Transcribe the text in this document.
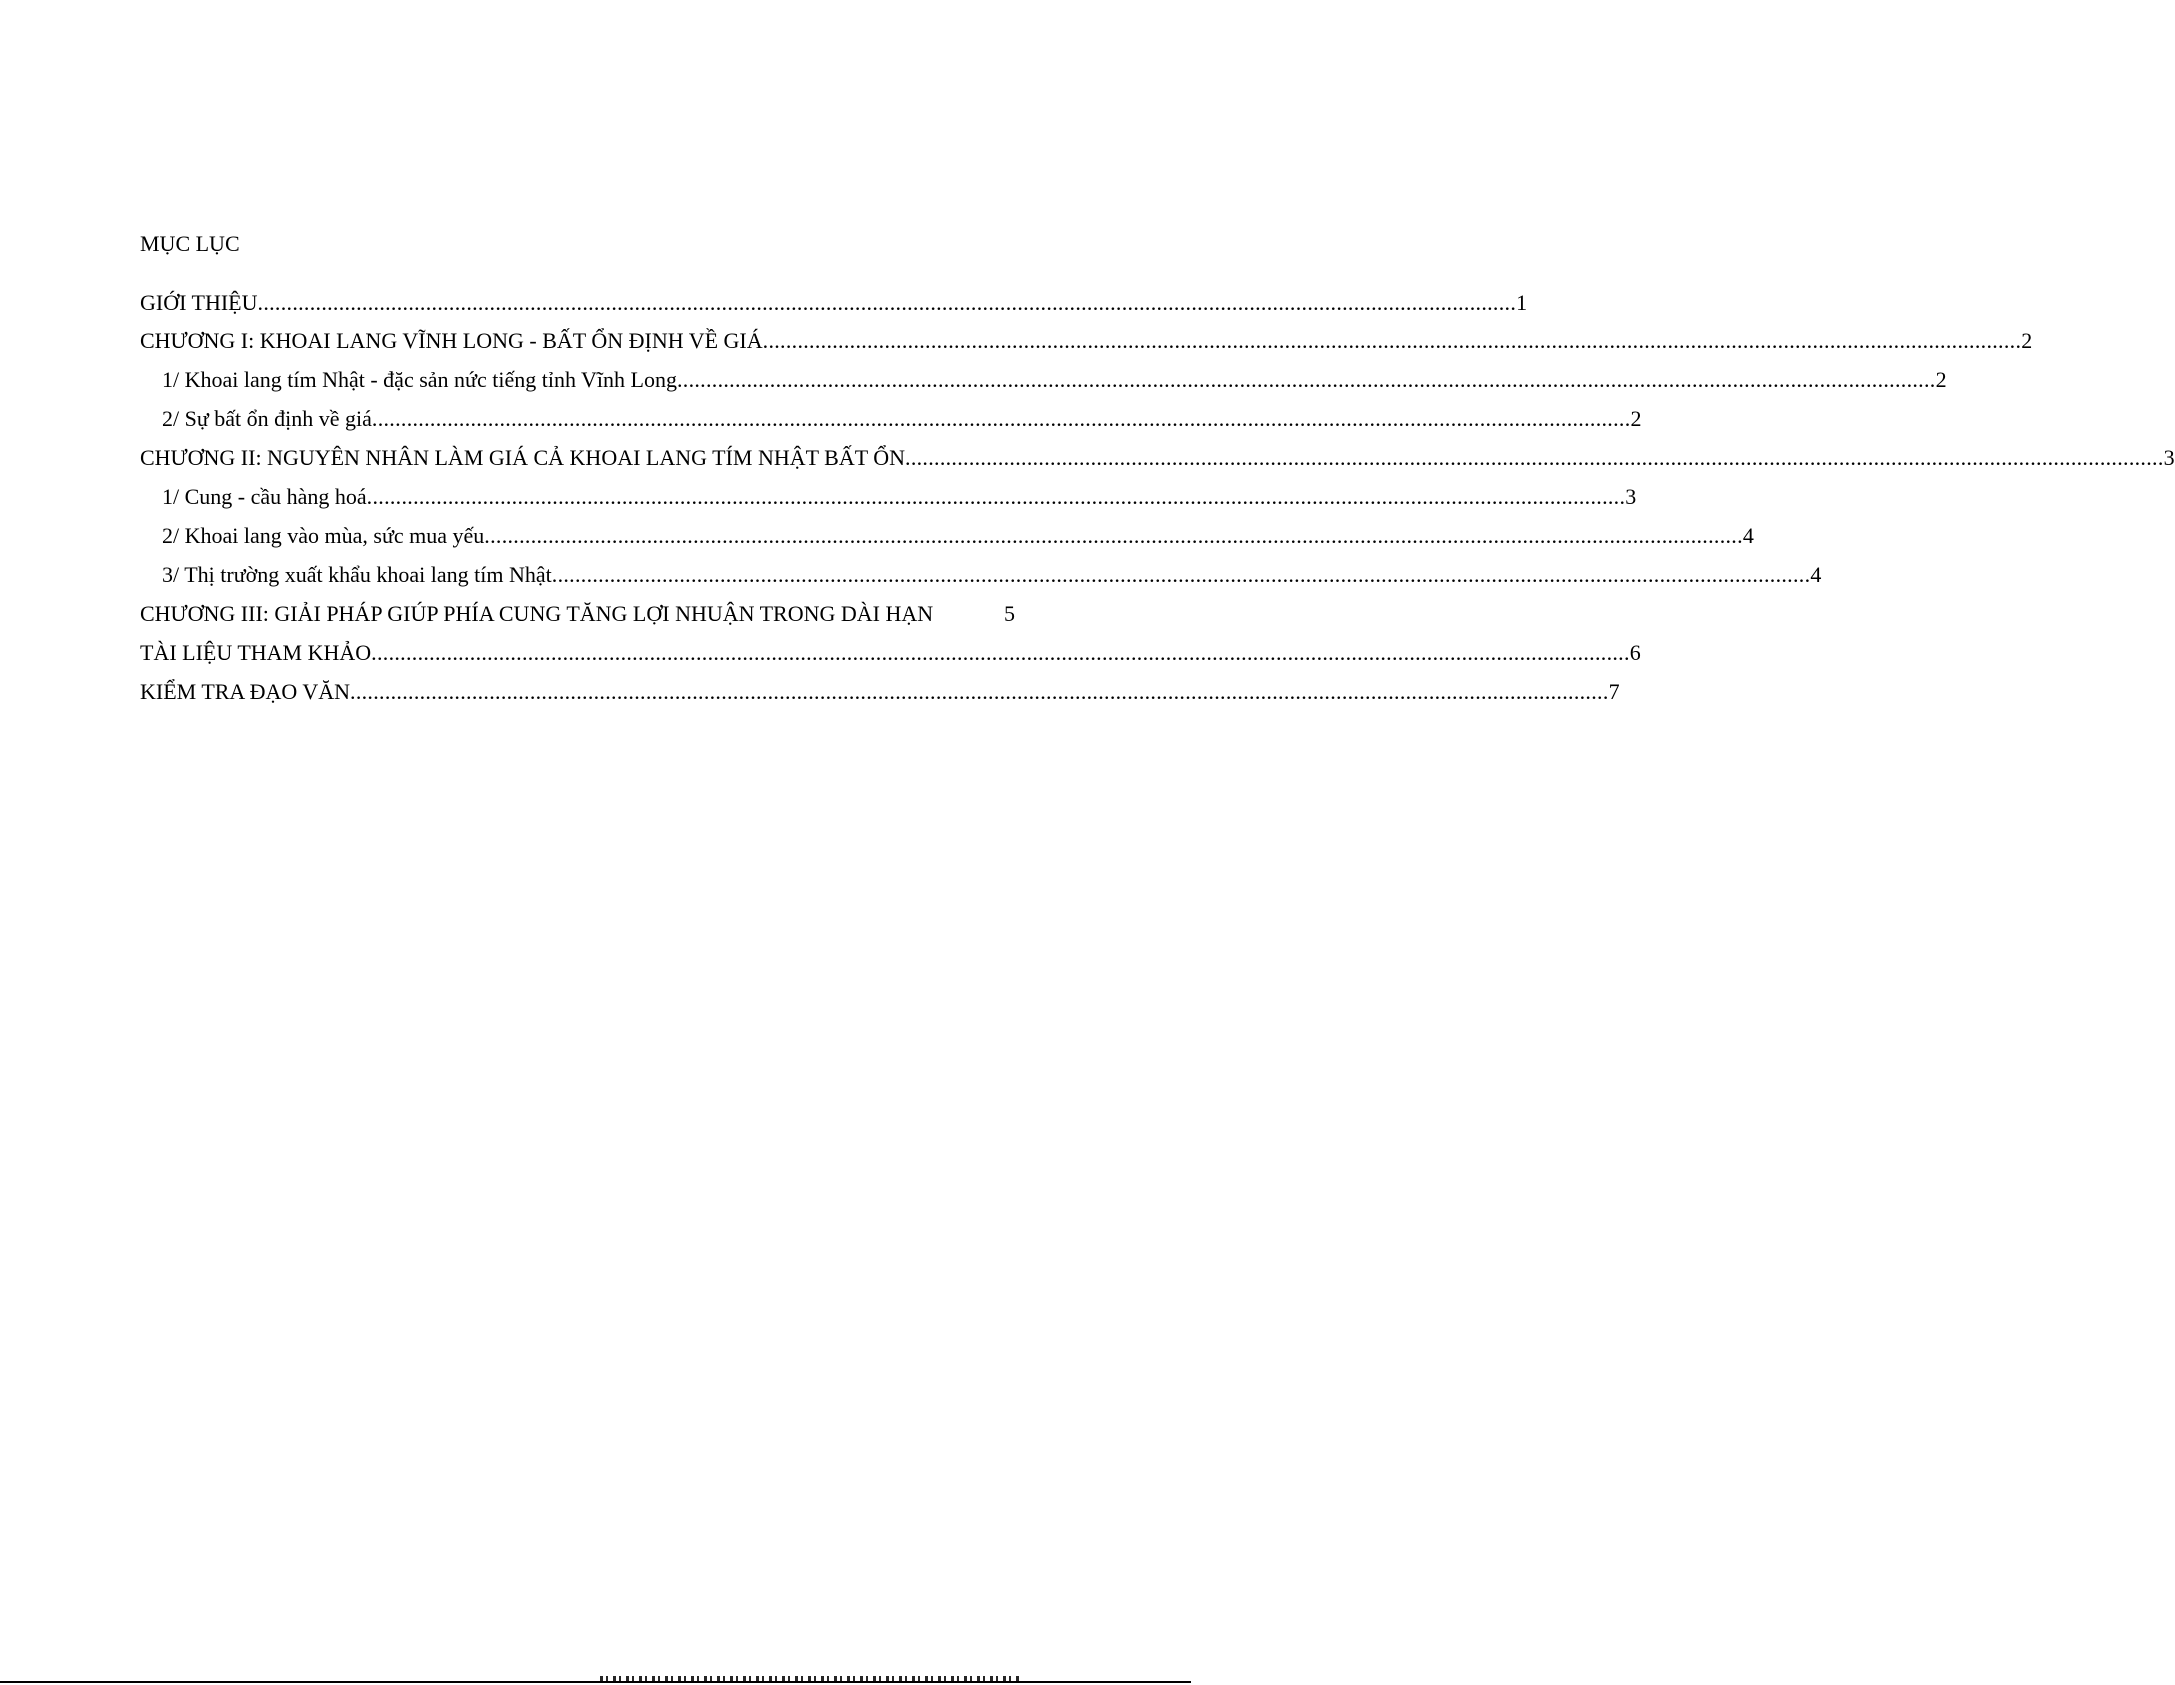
MỤC LỤC
GIỚI THIỆU ......................................................................................................................................................................................................................... 1
CHƯƠNG I: KHOAI LANG VĨNH LONG - BẤT ỔN ĐỊNH VỀ GIÁ ......................................................................................................................................................................................................................... 2
1/ Khoai lang tím Nhật - đặc sản nức tiếng tỉnh Vĩnh Long ......................................................................................................................................................................................................................... 2
2/ Sự bất ổn định về giá ......................................................................................................................................................................................................................... 2
CHƯƠNG II: NGUYÊN NHÂN LÀM GIÁ CẢ KHOAI LANG TÍM NHẬT BẤT ỔN ......................................................................................................................................................................................................................... 3
1/ Cung - cầu hàng hoá ......................................................................................................................................................................................................................... 3
2/ Khoai lang vào mùa, sức mua yếu ......................................................................................................................................................................................................................... 4
3/ Thị trường xuất khẩu khoai lang tím Nhật ......................................................................................................................................................................................................................... 4
CHƯƠNG III: GIẢI PHÁP GIÚP PHÍA CUNG TĂNG LỢI NHUẬN TRONG DÀI HẠN	5
TÀI LIỆU THAM KHẢO ......................................................................................................................................................................................................................... 6
KIỂM TRA ĐẠO VĂN ......................................................................................................................................................................................................................... 7
